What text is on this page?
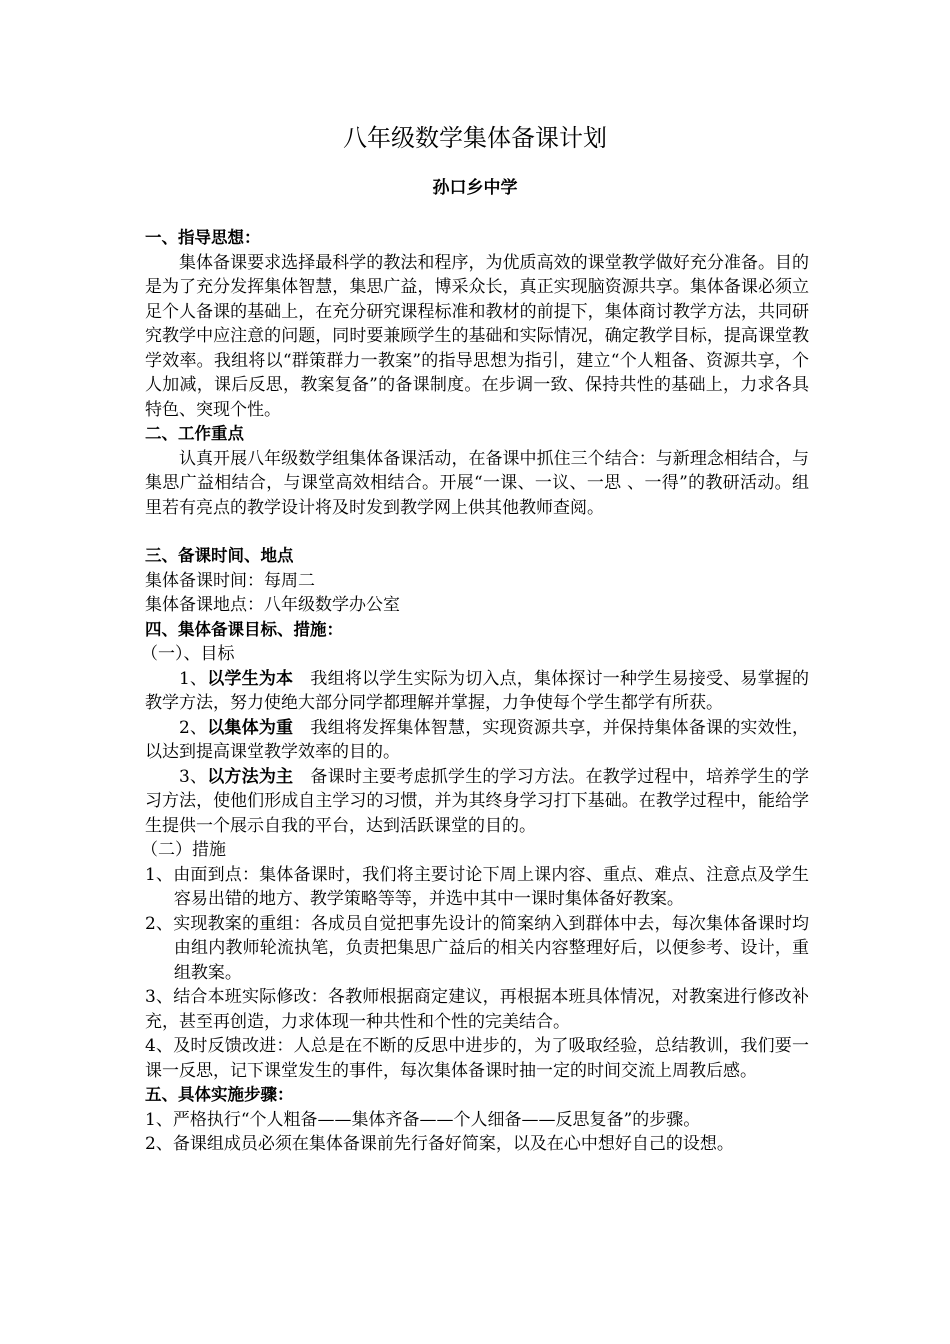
八年级数学集体备课计划
孙口乡中学

一、指导思想：

集体备课要求选择最科学的教法和程序，为优质高效的课堂教学做好充分准备。目的是为了充分发挥集体智慧，集思广益，博采众长，真正实现脑资源共享。集体备课必须立足个人备课的基础上，在充分研究课程标准和教材的前提下，集体商讨教学方法，共同研究教学中应注意的问题，同时要兼顾学生的基础和实际情况，确定教学目标，提高课堂教学效率。我组将以“群策群力一教案”的指导思想为指引，建立“个人粗备、资源共享，个人加减，课后反思，教案复备”的备课制度。在步调一致、保持共性的基础上，力求各具特色、突现个性。

二、工作重点

认真开展八年级数学组集体备课活动，在备课中抓住三个结合：与新理念相结合，与集思广益相结合，与课堂高效相结合。开展“一课、一议、一思 、一得”的教研活动。组里若有亮点的教学设计将及时发到教学网上供其他教师查阅。

三、备课时间、地点

集体备课时间：每周二

集体备课地点：八年级数学办公室

四、集体备课目标、措施：

（一）、目标

1、以学生为本　我组将以学生实际为切入点，集体探讨一种学生易接受、易掌握的教学方法，努力使绝大部分同学都理解并掌握，力争使每个学生都学有所获。

2、以集体为重　我组将发挥集体智慧，实现资源共享，并保持集体备课的实效性，以达到提高课堂教学效率的目的。

3、以方法为主　备课时主要考虑抓学生的学习方法。在教学过程中，培养学生的学习方法，使他们形成自主学习的习惯，并为其终身学习打下基础。在教学过程中，能给学生提供一个展示自我的平台，达到活跃课堂的目的。

（二）措施

1、由面到点：集体备课时，我们将主要讨论下周上课内容、重点、难点、注意点及学生容易出错的地方、教学策略等等，并选中其中一课时集体备好教案。

2、实现教案的重组：各成员自觉把事先设计的简案纳入到群体中去，每次集体备课时均由组内教师轮流执笔，负责把集思广益后的相关内容整理好后，以便参考、设计，重组教案。

3、结合本班实际修改：各教师根据商定建议，再根据本班具体情况，对教案进行修改补充，甚至再创造，力求体现一种共性和个性的完美结合。

4、及时反馈改进：人总是在不断的反思中进步的，为了吸取经验，总结教训，我们要一课一反思，记下课堂发生的事件，每次集体备课时抽一定的时间交流上周教后感。

五、具体实施步骤：

1、严格执行“个人粗备——集体齐备——个人细备——反思复备”的步骤。

2、备课组成员必须在集体备课前先行备好简案，以及在心中想好自己的设想。
